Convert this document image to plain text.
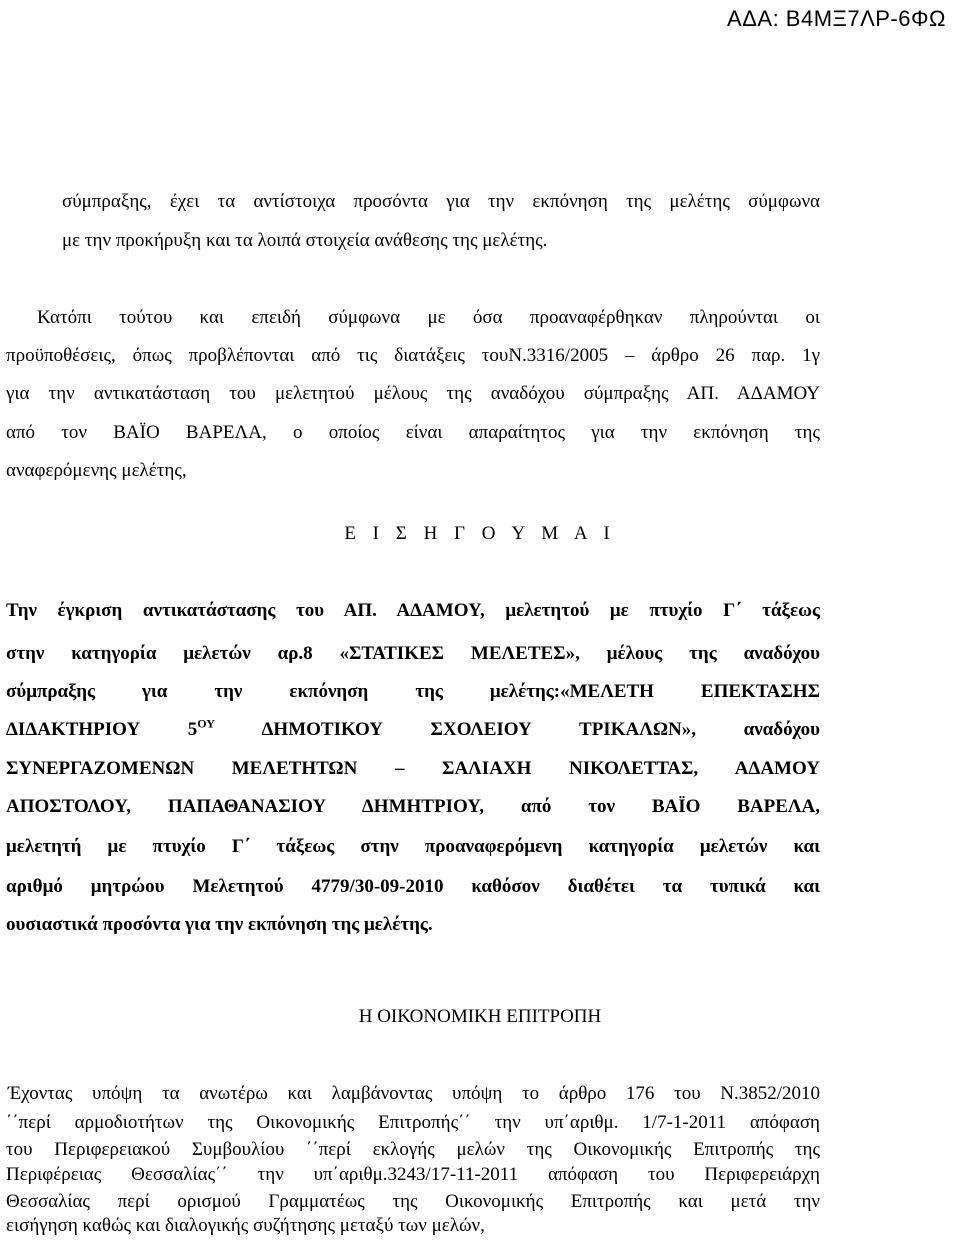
ΑΔΑ: Β4ΜΞ7ΛΡ-6ΦΩ
σύμπραξης, έχει τα αντίστοιχα προσόντα για την εκπόνηση της μελέτης σύμφωνα
με την προκήρυξη και τα λοιπά στοιχεία ανάθεσης της μελέτης.
Κατόπι τούτου και επειδή σύμφωνα με όσα προαναφέρθηκαν πληρούνται οι
προϋποθέσεις, όπως προβλέπονται από τις διατάξεις τουΝ.3316/2005 – άρθρο 26 παρ. 1γ
για την αντικατάσταση του μελετητού μέλους της αναδόχου σύμπραξης ΑΠ. ΑΔΑΜΟΥ
από τον ΒΑΪΟ ΒΑΡΕΛΑ, ο οποίος είναι απαραίτητος για την εκπόνηση της
αναφερόμενης μελέτης,
Ε Ι Σ Η Γ Ο Υ Μ Α Ι
Την έγκριση αντικατάστασης του ΑΠ. ΑΔΑΜΟΥ, μελετητού με πτυχίο Γ΄ τάξεως
στην κατηγορία μελετών αρ.8 «ΣΤΑΤΙΚΕΣ ΜΕΛΕΤΕΣ», μέλους της αναδόχου
σύμπραξης για την εκπόνηση της μελέτης:«ΜΕΛΕΤΗ ΕΠΕΚΤΑΣΗΣ
ΔΙΔΑΚΤΗΡΙΟΥ $5^{O\Upsilon}$ ΔΗΜΟΤΙΚΟΥ ΣΧΟΛΕΙΟΥ ΤΡΙΚΑΛΩΝ», αναδόχου
ΣΥΝΕΡΓΑΖΟΜΕΝΩΝ ΜΕΛΕΤΗΤΩΝ – ΣΑΛΙΑΧΗ ΝΙΚΟΛΕΤΤΑΣ, ΑΔΑΜΟΥ
ΑΠΟΣΤΟΛΟΥ, ΠΑΠΑΘΑΝΑΣΙΟΥ ΔΗΜΗΤΡΙΟΥ, από τον ΒΑΪΟ ΒΑΡΕΛΑ,
μελετητή με πτυχίο Γ΄ τάξεως στην προαναφερόμενη κατηγορία μελετών και
αριθμό μητρώου Μελετητού 4779/30-09-2010 καθόσον διαθέτει τα τυπικά και
ουσιαστικά προσόντα για την εκπόνηση της μελέτης.
Η ΟΙΚΟΝΟΜΙΚΗ ΕΠΙΤΡΟΠΗ
Έχοντας υπόψη τα ανωτέρω και λαμβάνοντας υπόψη το άρθρο 176 του Ν.3852/2010
΄΄περί αρμοδιοτήτων της Οικονομικής Επιτροπής΄΄ την υπ΄αριθμ. 1/7-1-2011 απόφαση
του Περιφερειακού Συμβουλίου ΄΄περί εκλογής μελών της Οικονομικής Επιτροπής της
Περιφέρειας Θεσσαλίας΄΄ την υπ΄αριθμ.3243/17-11-2011 απόφαση του Περιφερειάρχη
Θεσσαλίας περί ορισμού Γραμματέως της Οικονομικής Επιτροπής και μετά την
εισήγηση καθώς και διαλογικής συζήτησης μεταξύ των μελών,
